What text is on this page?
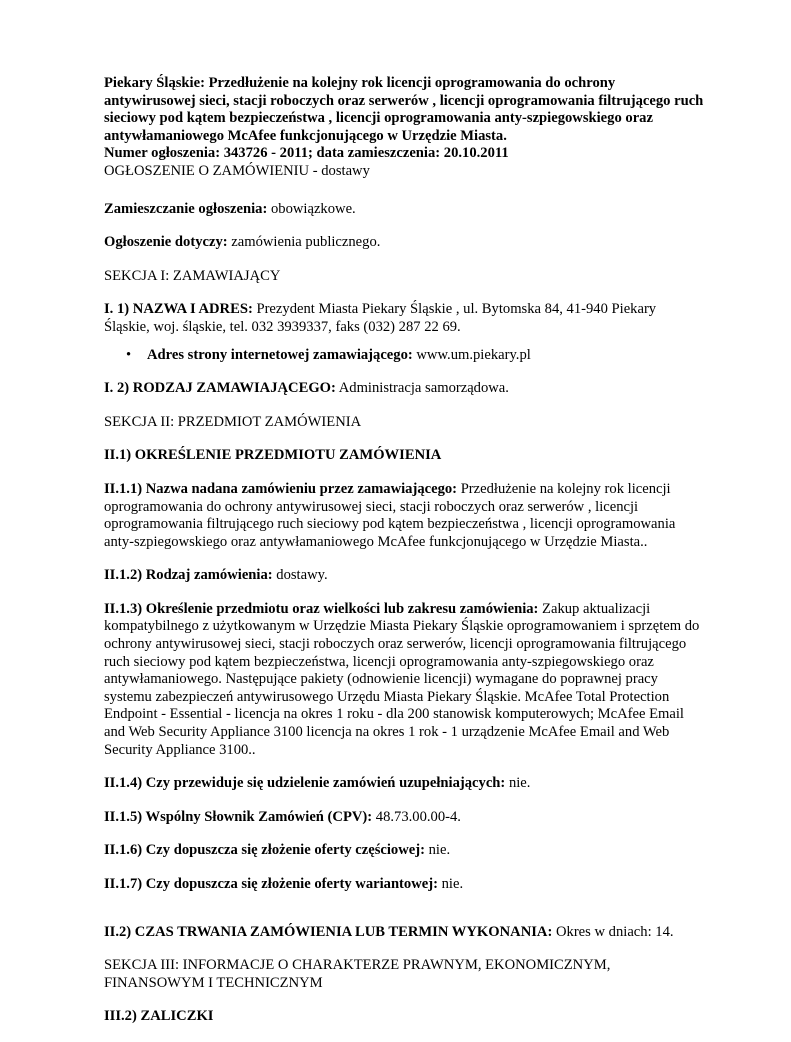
Piekary Śląskie: Przedłużenie na kolejny rok licencji oprogramowania do ochrony antywirusowej sieci, stacji roboczych oraz serwerów , licencji oprogramowania filtrującego ruch sieciowy pod kątem bezpieczeństwa , licencji oprogramowania anty-szpiegowskiego oraz antywłamaniowego McAfee funkcjonującego w Urzędzie Miasta.
Numer ogłoszenia: 343726 - 2011; data zamieszczenia: 20.10.2011
OGŁOSZENIE O ZAMÓWIENIU - dostawy

Zamieszczanie ogłoszenia: obowiązkowe.

Ogłoszenie dotyczy: zamówienia publicznego.

SEKCJA I: ZAMAWIAJĄCY

I. 1) NAZWA I ADRES: Prezydent Miasta Piekary Śląskie , ul. Bytomska 84, 41-940 Piekary Śląskie, woj. śląskie, tel. 032 3939337, faks (032) 287 22 69.

• Adres strony internetowej zamawiającego: www.um.piekary.pl

I. 2) RODZAJ ZAMAWIAJĄCEGO: Administracja samorządowa.

SEKCJA II: PRZEDMIOT ZAMÓWIENIA

II.1) OKREŚLENIE PRZEDMIOTU ZAMÓWIENIA

II.1.1) Nazwa nadana zamówieniu przez zamawiającego: Przedłużenie na kolejny rok licencji oprogramowania do ochrony antywirusowej sieci, stacji roboczych oraz serwerów , licencji oprogramowania filtrującego ruch sieciowy pod kątem bezpieczeństwa , licencji oprogramowania anty-szpiegowskiego oraz antywłamaniowego McAfee funkcjonującego w Urzędzie Miasta..

II.1.2) Rodzaj zamówienia: dostawy.

II.1.3) Określenie przedmiotu oraz wielkości lub zakresu zamówienia: Zakup aktualizacji kompatybilnego z użytkowanym w Urzędzie Miasta Piekary Śląskie oprogramowaniem i sprzętem do ochrony antywirusowej sieci, stacji roboczych oraz serwerów, licencji oprogramowania filtrującego ruch sieciowy pod kątem bezpieczeństwa, licencji oprogramowania anty-szpiegowskiego oraz antywłamaniowego. Następujące pakiety (odnowienie licencji) wymagane do poprawnej pracy systemu zabezpieczeń antywirusowego Urzędu Miasta Piekary Śląskie. McAfee Total Protection Endpoint - Essential - licencja na okres 1 roku - dla 200 stanowisk komputerowych; McAfee Email and Web Security Appliance 3100 licencja na okres 1 rok - 1 urządzenie McAfee Email and Web Security Appliance 3100..

II.1.4) Czy przewiduje się udzielenie zamówień uzupełniających: nie.

II.1.5) Wspólny Słownik Zamówień (CPV): 48.73.00.00-4.

II.1.6) Czy dopuszcza się złożenie oferty częściowej: nie.

II.1.7) Czy dopuszcza się złożenie oferty wariantowej: nie.

II.2) CZAS TRWANIA ZAMÓWIENIA LUB TERMIN WYKONANIA: Okres w dniach: 14.

SEKCJA III: INFORMACJE O CHARAKTERZE PRAWNYM, EKONOMICZNYM, FINANSOWYM I TECHNICZNYM

III.2) ZALICZKI
